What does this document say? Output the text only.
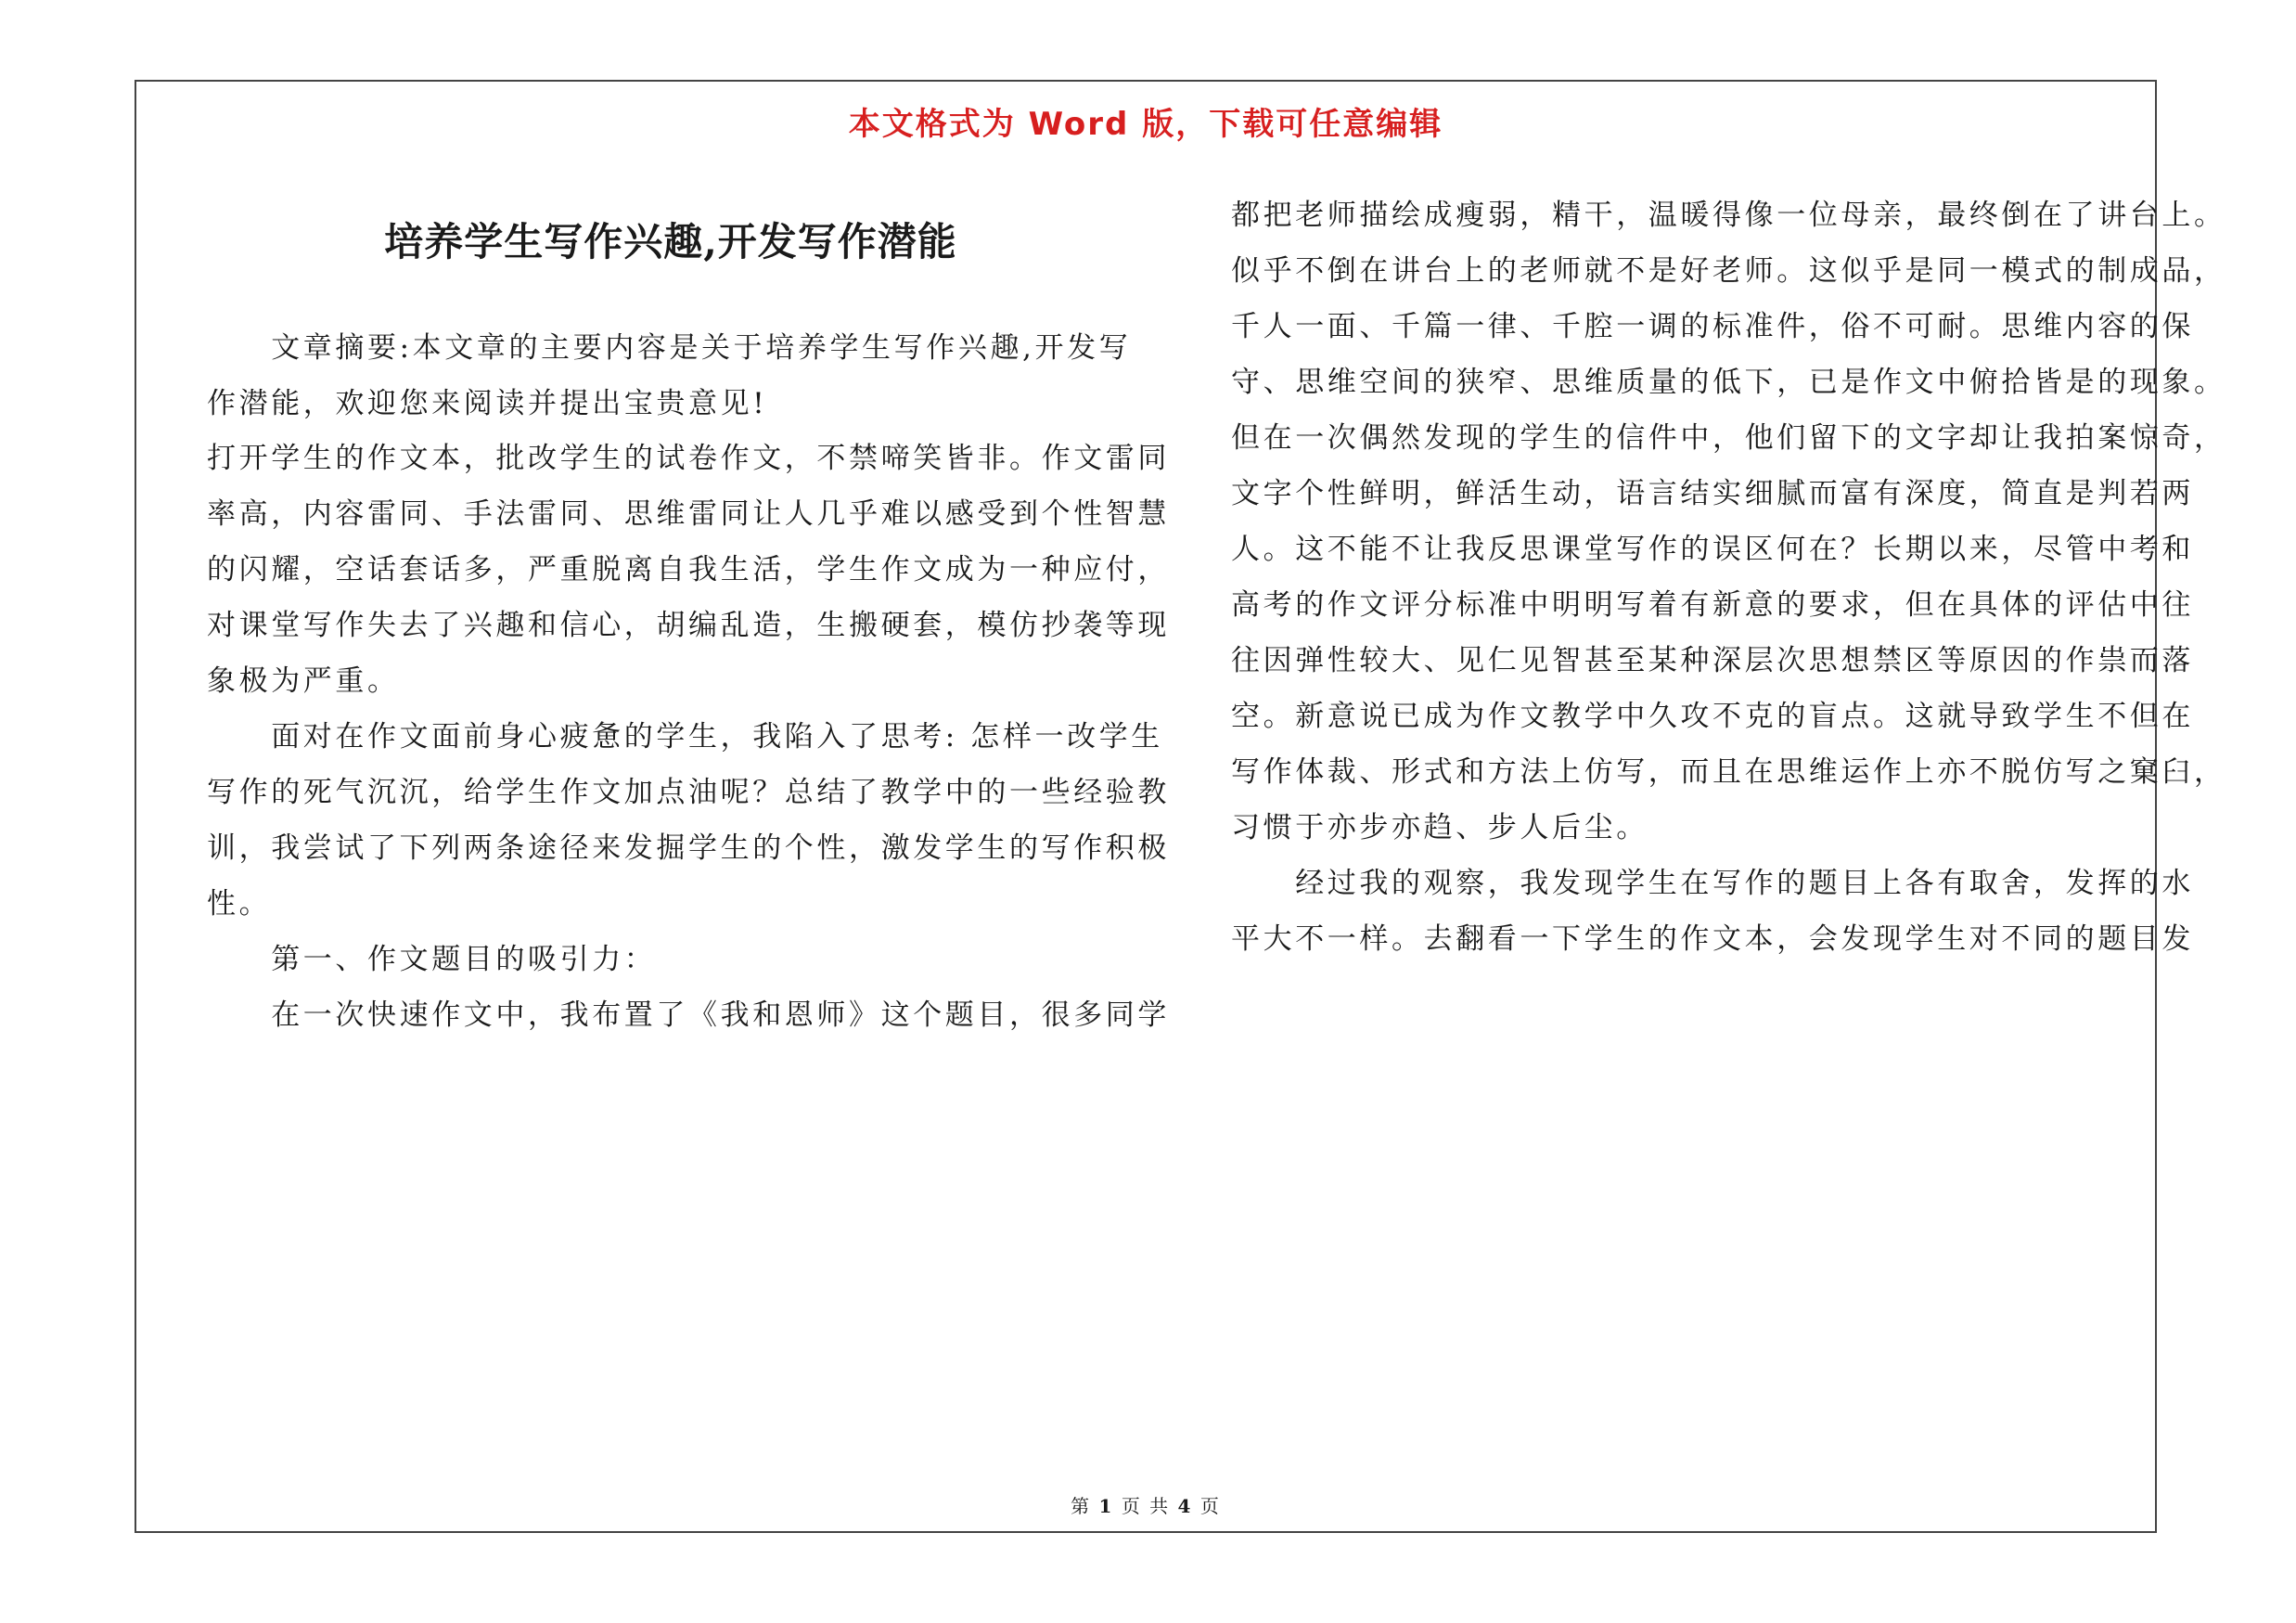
本文格式为 Word 版，下载可任意编辑
培养学生写作兴趣,开发写作潜能
　　文章摘要:本文章的主要内容是关于培养学生写作兴趣,开发写
作潜能，欢迎您来阅读并提出宝贵意见!
打开学生的作文本，批改学生的试卷作文，不禁啼笑皆非。作文雷同
率高，内容雷同、手法雷同、思维雷同让人几乎难以感受到个性智慧
的闪耀，空话套话多，严重脱离自我生活，学生作文成为一种应付，
对课堂写作失去了兴趣和信心，胡编乱造，生搬硬套，模仿抄袭等现
象极为严重。
　　面对在作文面前身心疲惫的学生，我陷入了思考: 怎样一改学生
写作的死气沉沉，给学生作文加点油呢？总结了教学中的一些经验教
训，我尝试了下列两条途径来发掘学生的个性，激发学生的写作积极
性。
　　第一、作文题目的吸引力：
　　在一次快速作文中，我布置了《我和恩师》这个题目，很多同学
都把老师描绘成瘦弱，精干，温暖得像一位母亲，最终倒在了讲台上。
似乎不倒在讲台上的老师就不是好老师。这似乎是同一模式的制成品，
千人一面、千篇一律、千腔一调的标准件，俗不可耐。思维内容的保
守、思维空间的狭窄、思维质量的低下，已是作文中俯拾皆是的现象。
但在一次偶然发现的学生的信件中，他们留下的文字却让我拍案惊奇，
文字个性鲜明，鲜活生动，语言结实细腻而富有深度，简直是判若两
人。这不能不让我反思课堂写作的误区何在？长期以来，尽管中考和
高考的作文评分标准中明明写着有新意的要求，但在具体的评估中往
往因弹性较大、见仁见智甚至某种深层次思想禁区等原因的作祟而落
空。新意说已成为作文教学中久攻不克的盲点。这就导致学生不但在
写作体裁、形式和方法上仿写，而且在思维运作上亦不脱仿写之窠臼，
习惯于亦步亦趋、步人后尘。
　　经过我的观察，我发现学生在写作的题目上各有取舍，发挥的水
平大不一样。去翻看一下学生的作文本，会发现学生对不同的题目发
第 1 页 共 4 页
